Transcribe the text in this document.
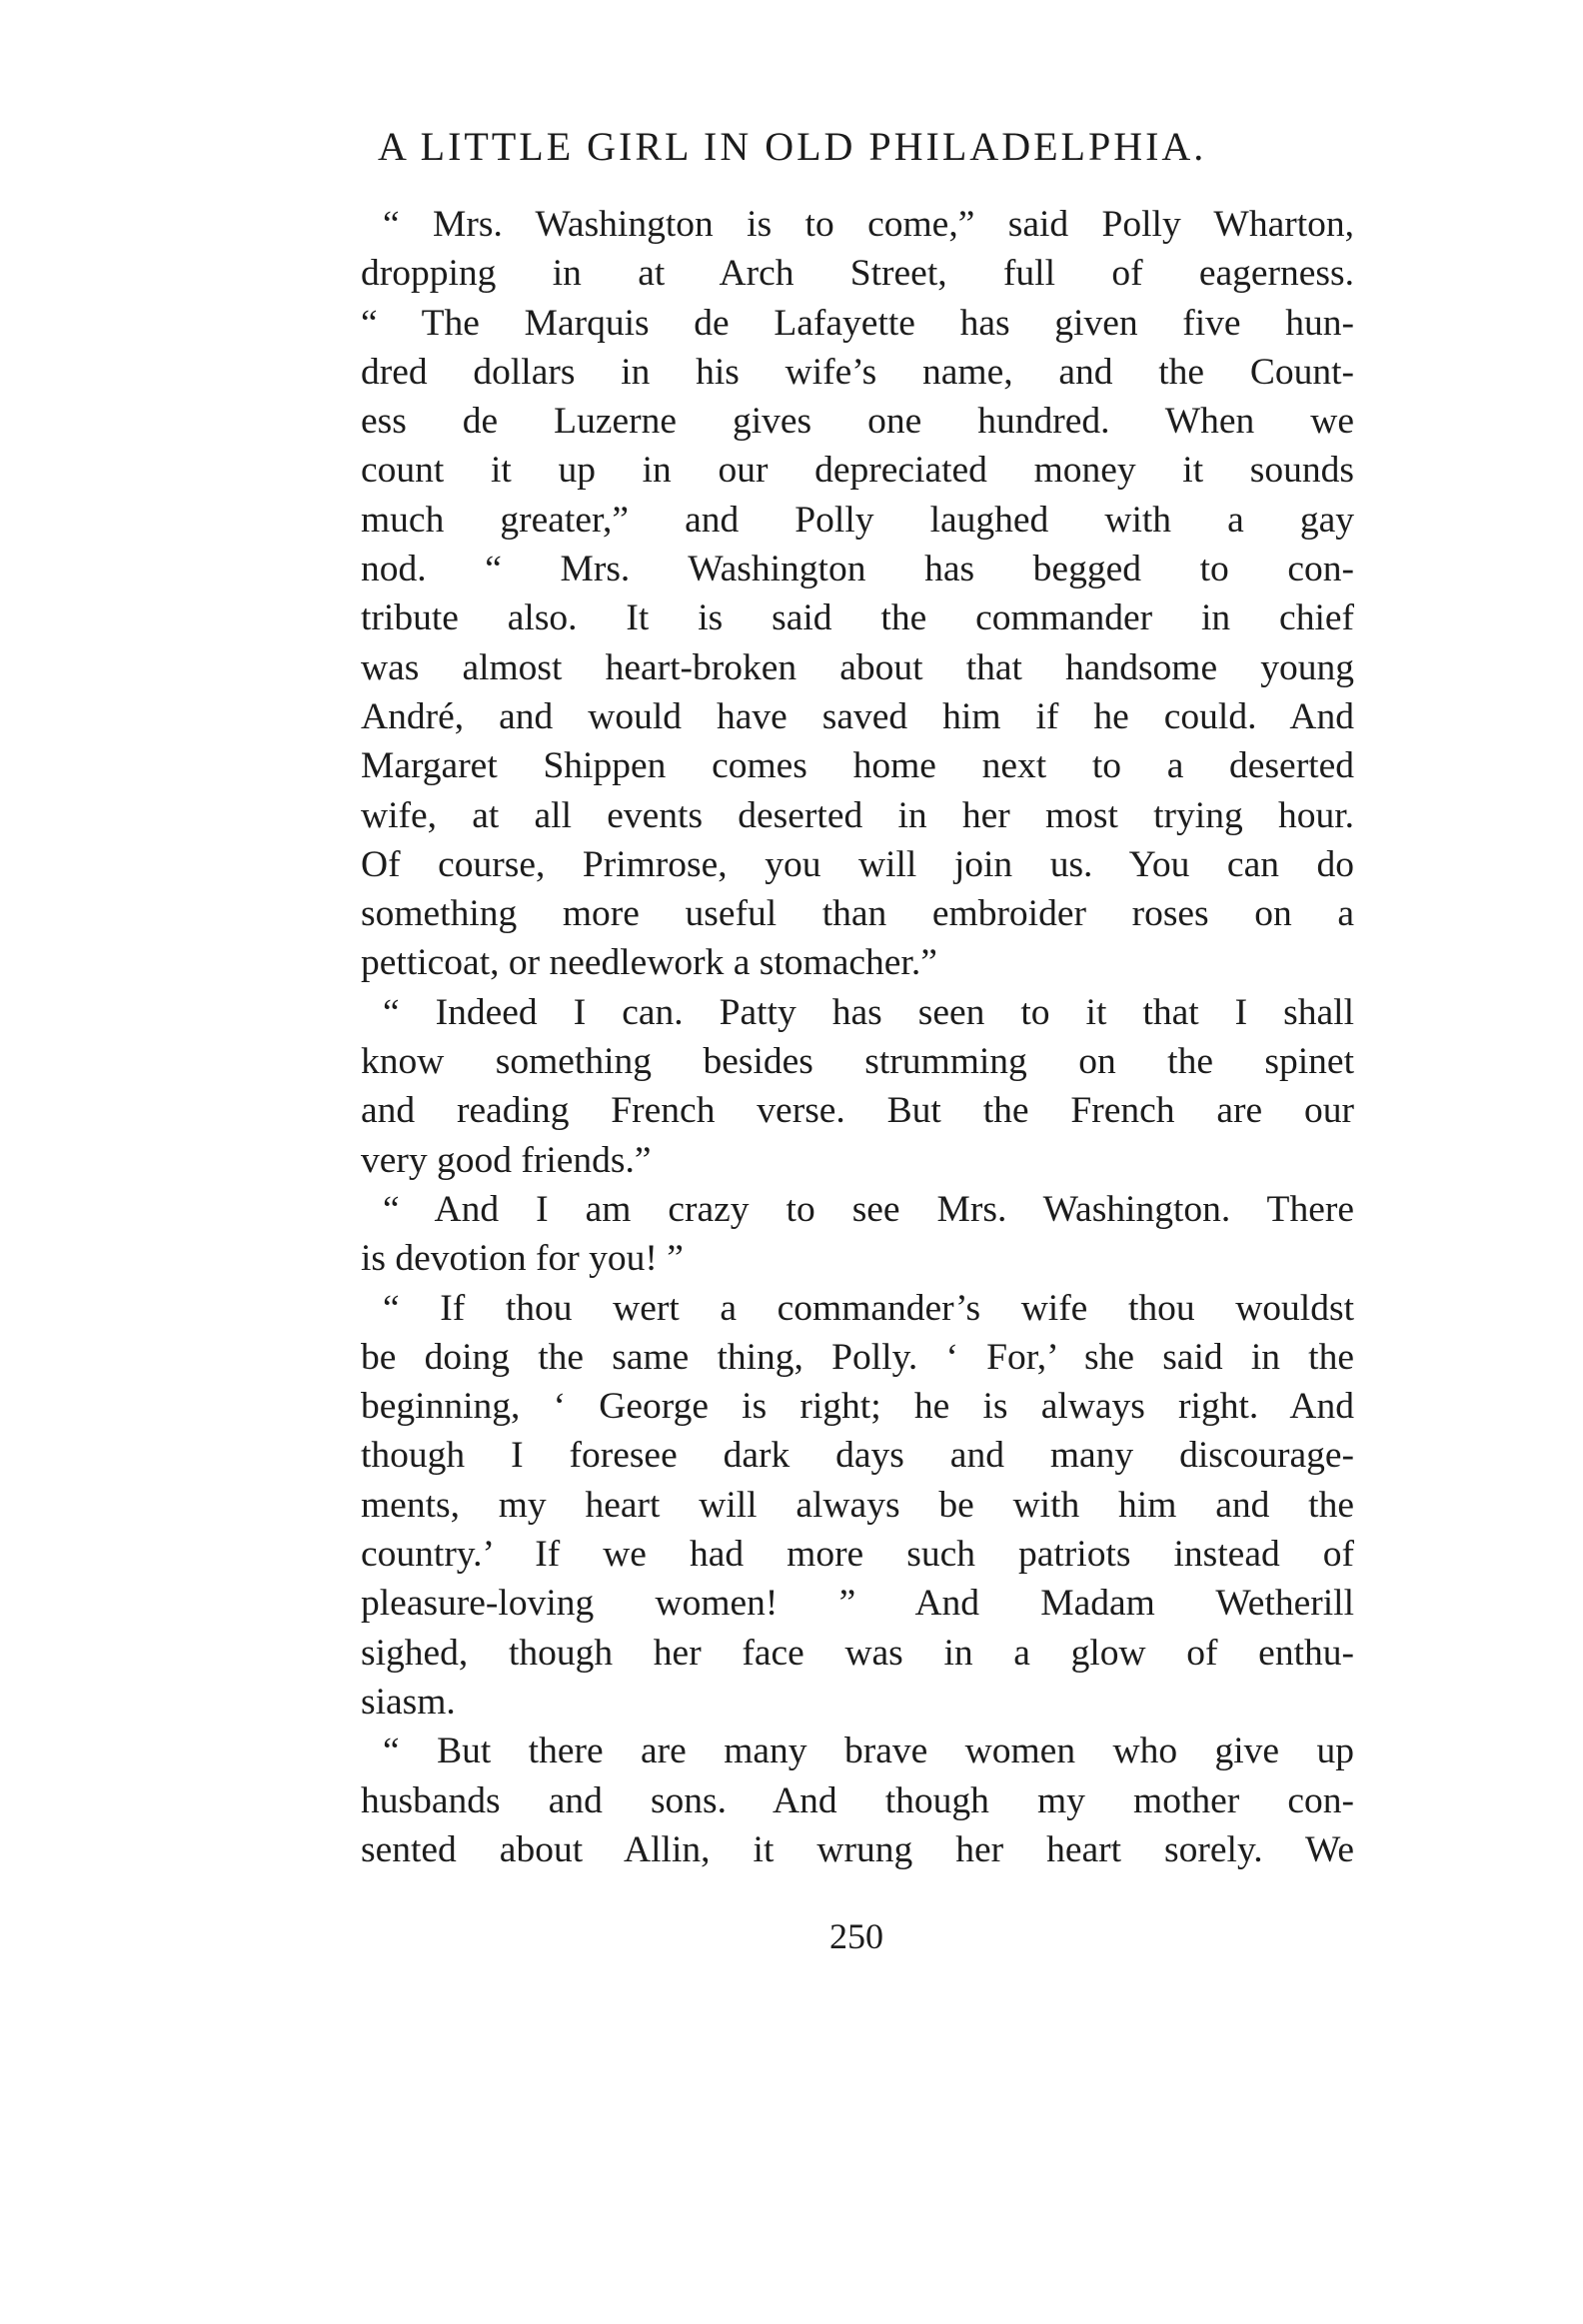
A LITTLE GIRL IN OLD PHILADELPHIA.
“ Mrs. Washington is to come,” said Polly Wharton,
dropping in at Arch Street, full of eagerness.
“ The Marquis de Lafayette has given five hun-
dred dollars in his wife’s name, and the Count-
ess de Luzerne gives one hundred. When we
count it up in our depreciated money it sounds
much greater,” and Polly laughed with a gay
nod. “ Mrs. Washington has begged to con-
tribute also. It is said the commander in chief
was almost heart-broken about that handsome young
André, and would have saved him if he could. And
Margaret Shippen comes home next to a deserted
wife, at all events deserted in her most trying hour.
Of course, Primrose, you will join us. You can do
something more useful than embroider roses on a
petticoat, or needlework a stomacher.”
“ Indeed I can. Patty has seen to it that I shall
know something besides strumming on the spinet
and reading French verse. But the French are our
very good friends.”
“ And I am crazy to see Mrs. Washington. There
is devotion for you! ”
“ If thou wert a commander’s wife thou wouldst
be doing the same thing, Polly. ‘ For,’ she said in the
beginning, ‘ George is right; he is always right. And
though I foresee dark days and many discourage-
ments, my heart will always be with him and the
country.’ If we had more such patriots instead of
pleasure-loving women! ” And Madam Wetherill
sighed, though her face was in a glow of enthu-
siasm.
“ But there are many brave women who give up
husbands and sons. And though my mother con-
sented about Allin, it wrung her heart sorely. We
250
